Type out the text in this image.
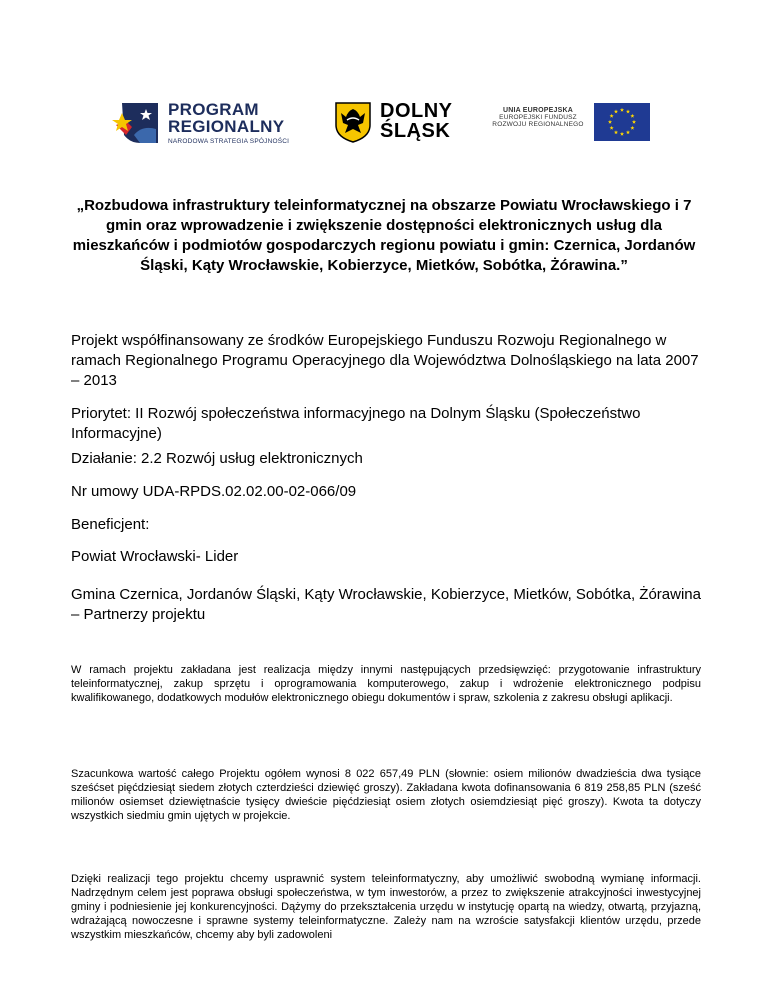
PROGRAM
REGIONALNY
NARODOWA STRATEGIA SPÓJNOŚCI
DOLNY
ŚLĄSK
UNIA EUROPEJSKA
EUROPEJSKI FUNDUSZ
ROZWOJU REGIONALNEGO
„Rozbudowa infrastruktury teleinformatycznej na obszarze Powiatu Wrocławskiego i 7 gmin oraz wprowadzenie i zwiększenie dostępności elektronicznych usług dla mieszkańców i podmiotów gospodarczych regionu powiatu i gmin: Czernica, Jordanów Śląski, Kąty Wrocławskie, Kobierzyce, Mietków, Sobótka, Żórawina.”

Projekt współfinansowany ze środków Europejskiego Funduszu Rozwoju Regionalnego w ramach Regionalnego Programu Operacyjnego dla Województwa Dolnośląskiego na lata 2007 – 2013

Priorytet: II Rozwój społeczeństwa informacyjnego na Dolnym Śląsku (Społeczeństwo Informacyjne)

Działanie: 2.2 Rozwój usług elektronicznych

Nr umowy UDA-RPDS.02.02.00-02-066/09

Beneficjent:

Powiat Wrocławski- Lider

Gmina Czernica, Jordanów Śląski, Kąty Wrocławskie, Kobierzyce, Mietków, Sobótka, Żórawina – Partnerzy projektu

W ramach projektu zakładana jest realizacja między innymi następujących przedsięwzięć: przygotowanie infrastruktury teleinformatycznej, zakup sprzętu i oprogramowania komputerowego, zakup i wdrożenie elektronicznego podpisu kwalifikowanego, dodatkowych modułów elektronicznego obiegu dokumentów i spraw, szkolenia z zakresu obsługi aplikacji.

Szacunkowa wartość całego Projektu ogółem wynosi 8 022 657,49 PLN (słownie: osiem milionów dwadzieścia dwa tysiące sześćset pięćdziesiąt siedem złotych czterdzieści dziewięć groszy). Zakładana kwota dofinansowania 6 819 258,85 PLN (sześć milionów osiemset dziewiętnaście tysięcy dwieście pięćdziesiąt osiem złotych osiemdziesiąt pięć groszy). Kwota ta dotyczy wszystkich siedmiu gmin ujętych w projekcie.

Dzięki realizacji tego projektu chcemy usprawnić system teleinformatyczny, aby umożliwić swobodną wymianę informacji. Nadrzędnym celem jest poprawa obsługi społeczeństwa, w tym inwestorów, a przez to zwiększenie atrakcyjności inwestycyjnej gminy i podniesienie jej konkurencyjności. Dążymy do przekształcenia urzędu w instytucję opartą na wiedzy, otwartą, przyjazną, wdrażającą nowoczesne i sprawne systemy teleinformatyczne. Zależy nam na wzroście satysfakcji klientów urzędu, przede wszystkim mieszkańców, chcemy aby byli zadowoleni
